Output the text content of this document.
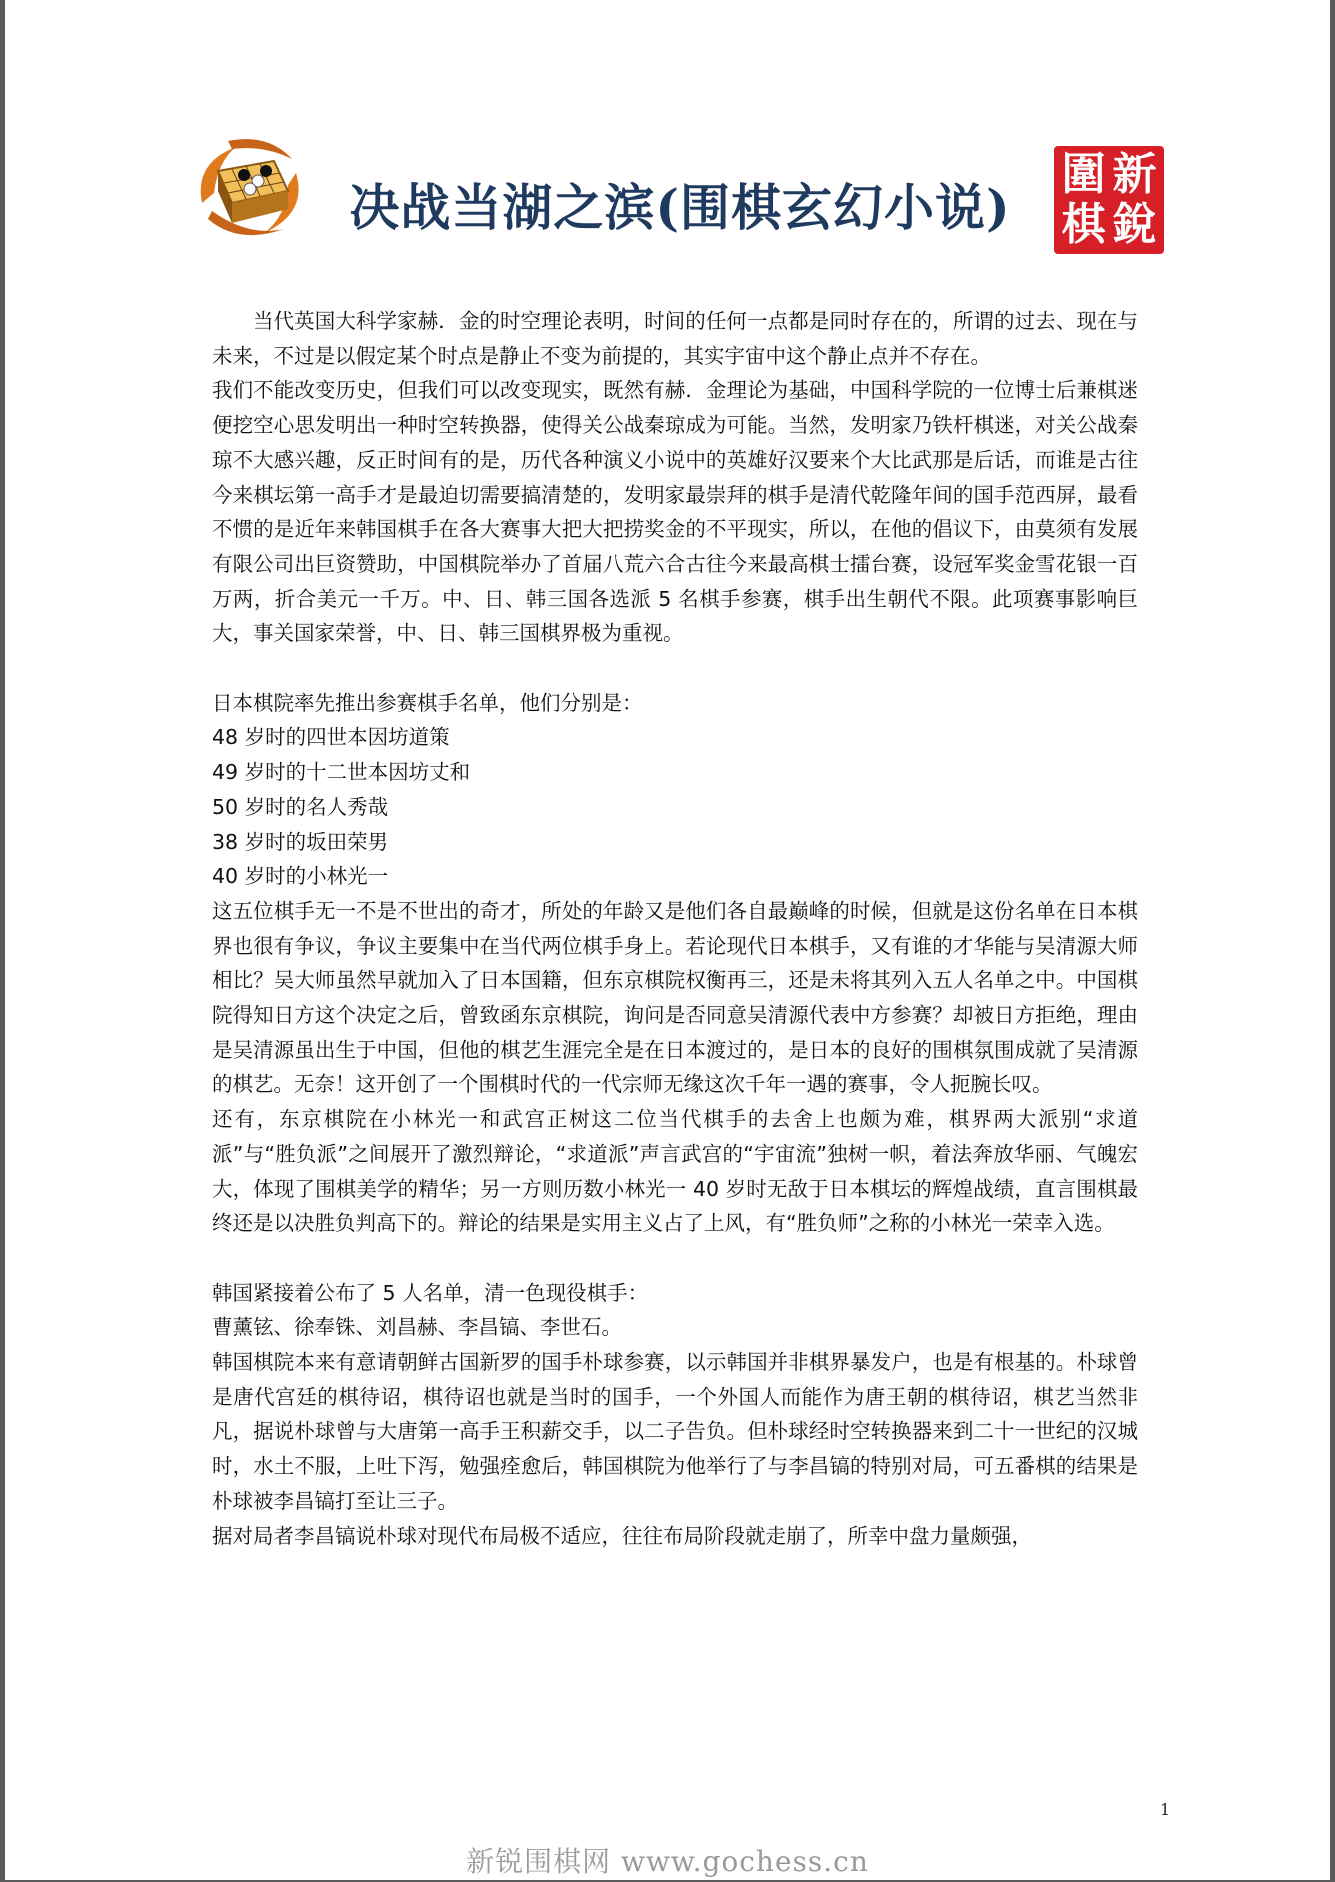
决战当湖之滨(围棋玄幻小说)
圍 新
棋 銳

当代英国大科学家赫．金的时空理论表明，时间的任何一点都是同时存在的，所谓的过去、现在与未来，不过是以假定某个时点是静止不变为前提的，其实宇宙中这个静止点并不存在。

我们不能改变历史，但我们可以改变现实，既然有赫．金理论为基础，中国科学院的一位博士后兼棋迷便挖空心思发明出一种时空转换器，使得关公战秦琼成为可能。当然，发明家乃铁杆棋迷，对关公战秦琼不大感兴趣，反正时间有的是，历代各种演义小说中的英雄好汉要来个大比武那是后话，而谁是古往今来棋坛第一高手才是最迫切需要搞清楚的，发明家最崇拜的棋手是清代乾隆年间的国手范西屏，最看不惯的是近年来韩国棋手在各大赛事大把大把捞奖金的不平现实，所以，在他的倡议下，由莫须有发展有限公司出巨资赞助，中国棋院举办了首届八荒六合古往今来最高棋士擂台赛，设冠军奖金雪花银一百万两，折合美元一千万。中、日、韩三国各选派 5 名棋手参赛，棋手出生朝代不限。此项赛事影响巨大，事关国家荣誉，中、日、韩三国棋界极为重视。

日本棋院率先推出参赛棋手名单，他们分别是：

48 岁时的四世本因坊道策

49 岁时的十二世本因坊丈和

50 岁时的名人秀哉

38 岁时的坂田荣男

40 岁时的小林光一

这五位棋手无一不是不世出的奇才，所处的年龄又是他们各自最巅峰的时候，但就是这份名单在日本棋界也很有争议，争议主要集中在当代两位棋手身上。若论现代日本棋手，又有谁的才华能与吴清源大师相比？吴大师虽然早就加入了日本国籍，但东京棋院权衡再三，还是未将其列入五人名单之中。中国棋院得知日方这个决定之后，曾致函东京棋院，询问是否同意吴清源代表中方参赛？却被日方拒绝，理由是吴清源虽出生于中国，但他的棋艺生涯完全是在日本渡过的，是日本的良好的围棋氛围成就了吴清源的棋艺。无奈！这开创了一个围棋时代的一代宗师无缘这次千年一遇的赛事，令人扼腕长叹。

还有，东京棋院在小林光一和武宫正树这二位当代棋手的去舍上也颇为难，棋界两大派别“求道派”与“胜负派”之间展开了激烈辩论，“求道派”声言武宫的“宇宙流”独树一帜，着法奔放华丽、气魄宏大，体现了围棋美学的精华；另一方则历数小林光一 40 岁时无敌于日本棋坛的辉煌战绩，直言围棋最终还是以决胜负判高下的。辩论的结果是实用主义占了上风，有“胜负师”之称的小林光一荣幸入选。

韩国紧接着公布了 5 人名单，清一色现役棋手：

曹薰铉、徐奉铢、刘昌赫、李昌镐、李世石。

韩国棋院本来有意请朝鲜古国新罗的国手朴球参赛，以示韩国并非棋界暴发户，也是有根基的。朴球曾是唐代宫廷的棋待诏，棋待诏也就是当时的国手，一个外国人而能作为唐王朝的棋待诏，棋艺当然非凡，据说朴球曾与大唐第一高手王积薪交手，以二子告负。但朴球经时空转换器来到二十一世纪的汉城时，水土不服，上吐下泻，勉强痊愈后，韩国棋院为他举行了与李昌镐的特别对局，可五番棋的结果是朴球被李昌镐打至让三子。

据对局者李昌镐说朴球对现代布局极不适应，往往布局阶段就走崩了，所幸中盘力量颇强，

1
新锐围棋网 www.gochess.cn
